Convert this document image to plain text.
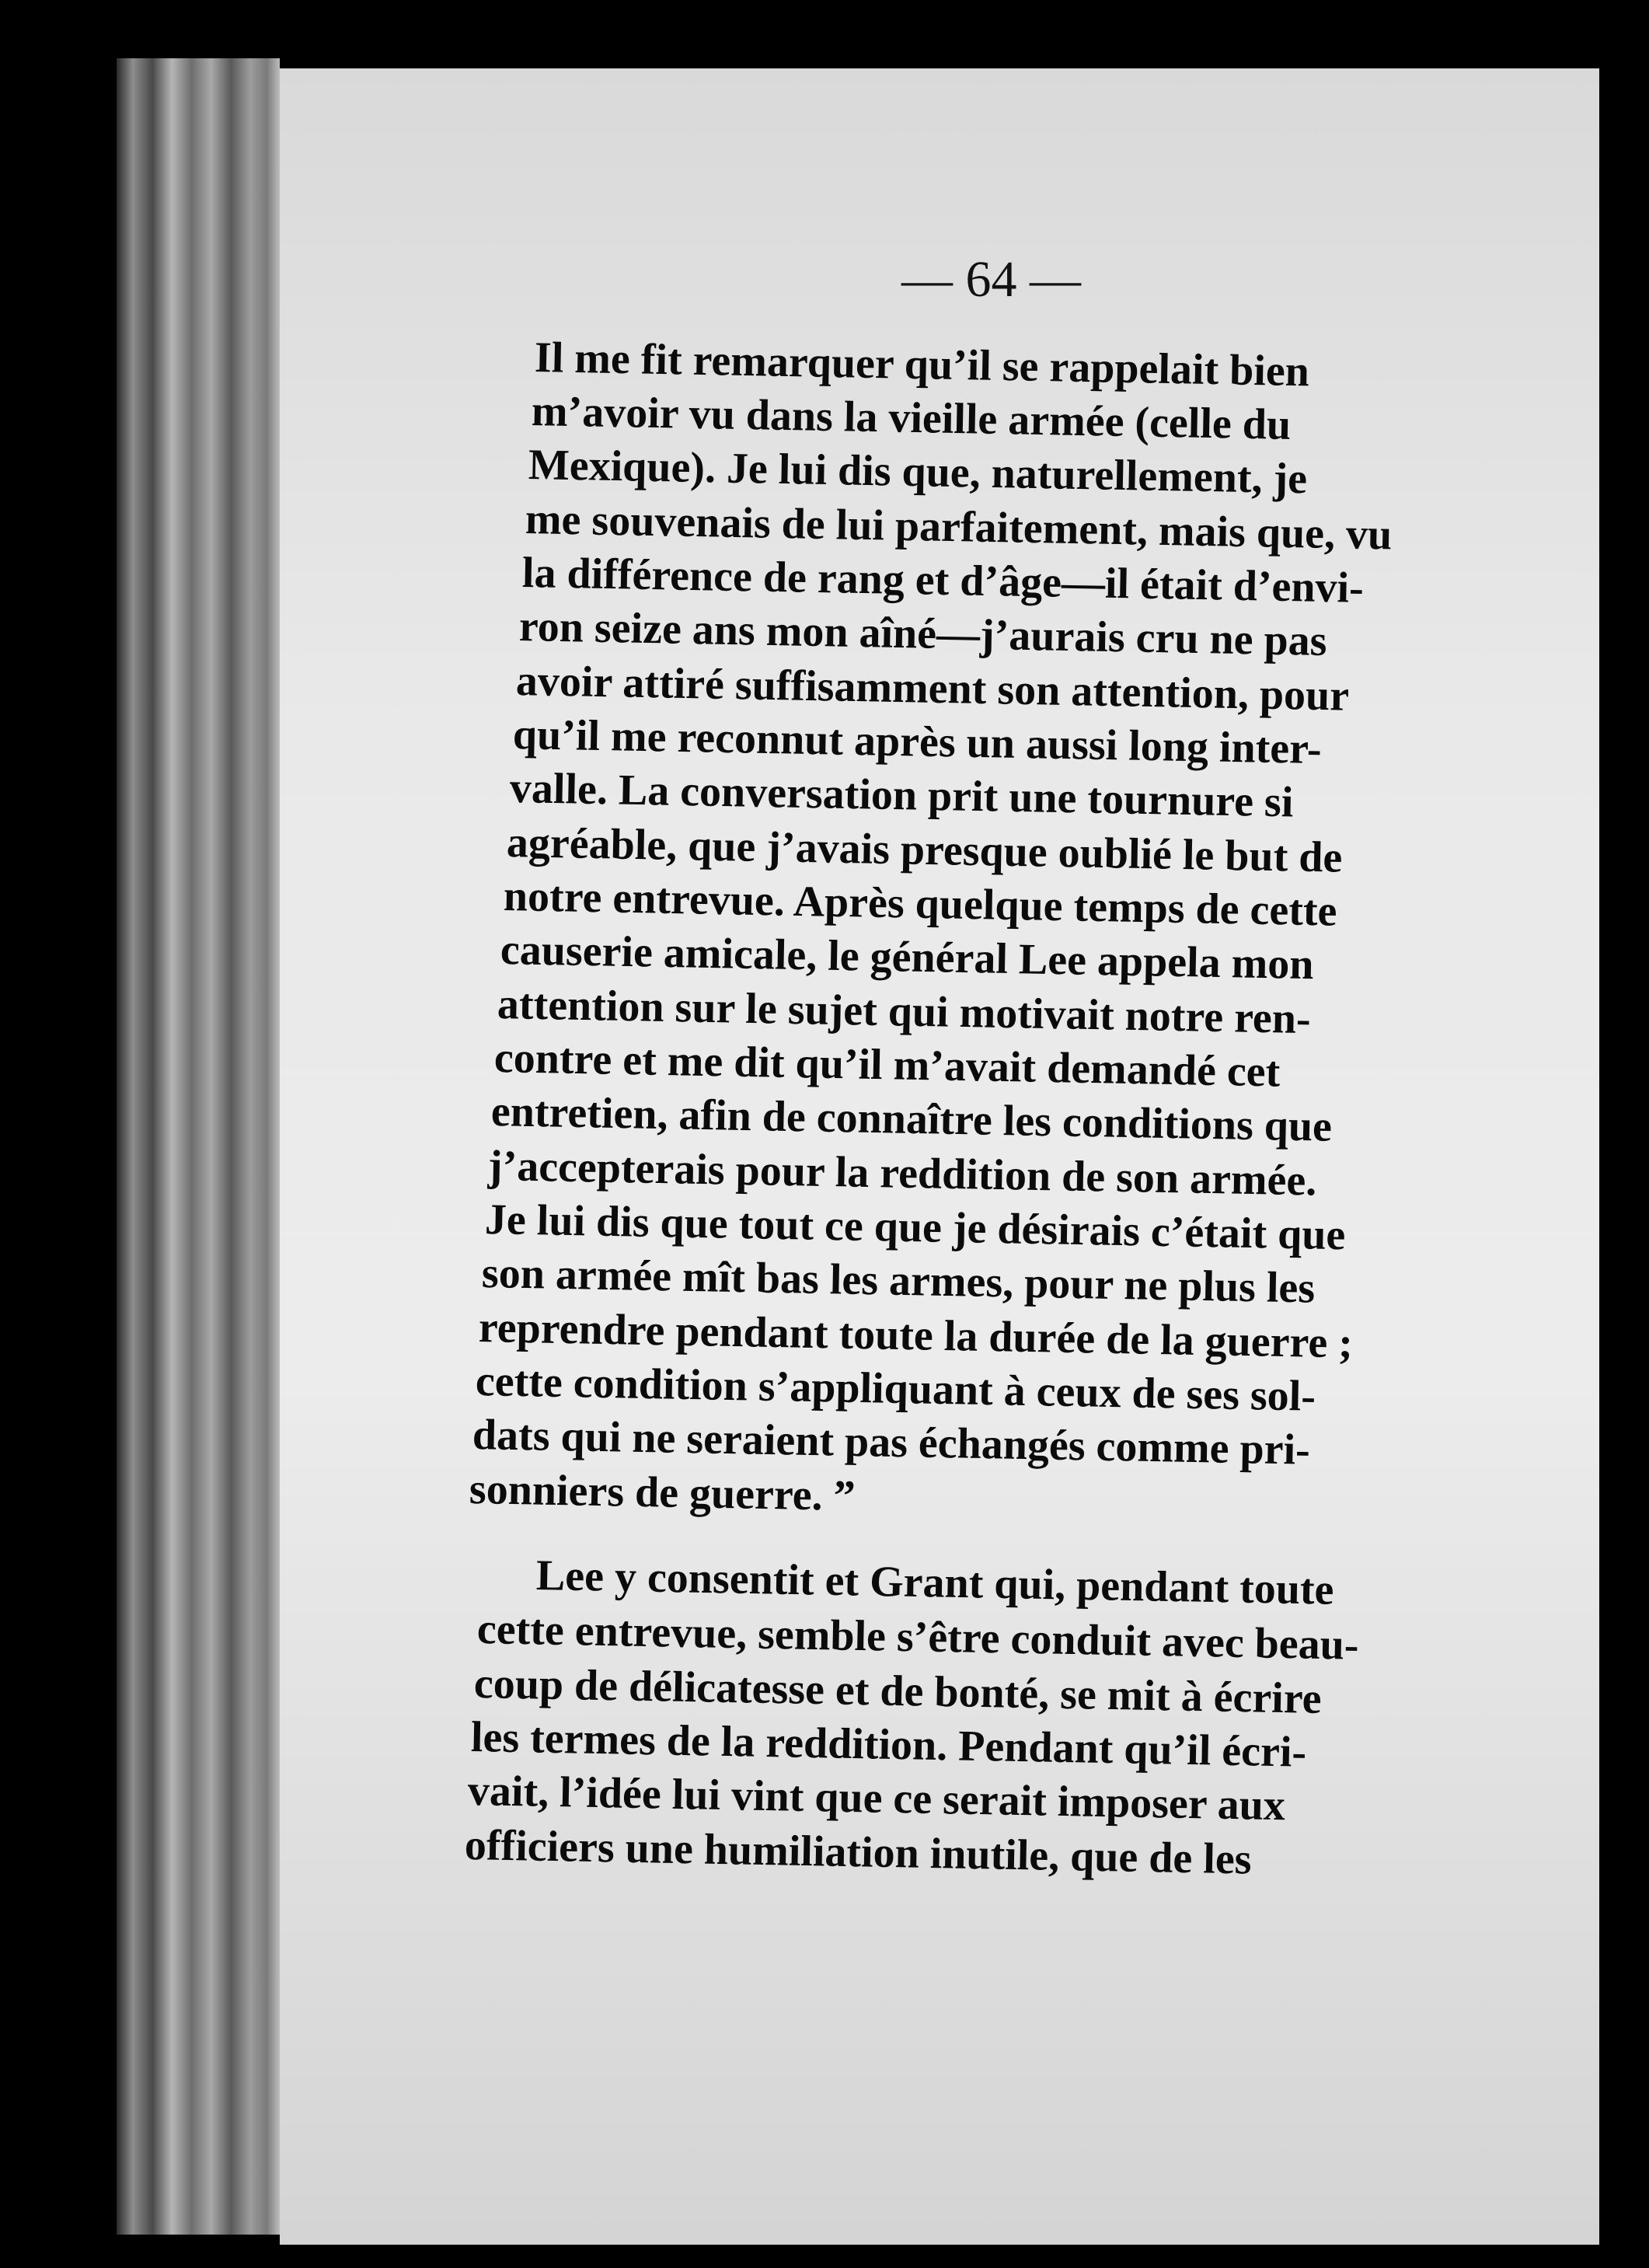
— 64 —
Il me fit remarquer qu’il se rappelait bien
m’avoir vu dans la vieille armée (celle du
Mexique). Je lui dis que, naturellement, je
me souvenais de lui parfaitement, mais que, vu
la différence de rang et d’âge—il était d’envi-
ron seize ans mon aîné—j’aurais cru ne pas
avoir attiré suffisamment son attention, pour
qu’il me reconnut après un aussi long inter-
valle. La conversation prit une tournure si
agréable, que j’avais presque oublié le but de
notre entrevue. Après quelque temps de cette
causerie amicale, le général Lee appela mon
attention sur le sujet qui motivait notre ren-
contre et me dit qu’il m’avait demandé cet
entretien, afin de connaître les conditions que
j’accepterais pour la reddition de son armée.
Je lui dis que tout ce que je désirais c’était que
son armée mît bas les armes, pour ne plus les
reprendre pendant toute la durée de la guerre ;
cette condition s’appliquant à ceux de ses sol-
dats qui ne seraient pas échangés comme pri-
sonniers de guerre. ”
Lee y consentit et Grant qui, pendant toute
cette entrevue, semble s’être conduit avec beau-
coup de délicatesse et de bonté, se mit à écrire
les termes de la reddition. Pendant qu’il écri-
vait, l’idée lui vint que ce serait imposer aux
officiers une humiliation inutile, que de les
